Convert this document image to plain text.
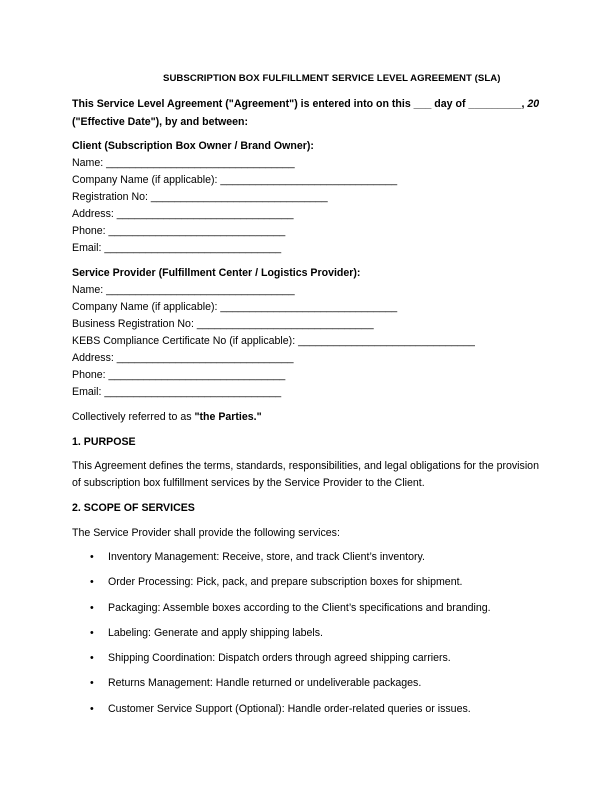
SUBSCRIPTION BOX FULFILLMENT SERVICE LEVEL AGREEMENT (SLA)
This Service Level Agreement ("Agreement") is entered into on this ___ day of _________, 20
("Effective Date"), by and between:
Client (Subscription Box Owner / Brand Owner):
Name: ________________________________
Company Name (if applicable): ______________________________
Registration No: ______________________________
Address: ______________________________
Phone: ______________________________
Email: ______________________________
Service Provider (Fulfillment Center / Logistics Provider):
Name: ________________________________
Company Name (if applicable): ______________________________
Business Registration No: ______________________________
KEBS Compliance Certificate No (if applicable): ______________________________
Address: ______________________________
Phone: ______________________________
Email: ______________________________
Collectively referred to as "the Parties."
1. PURPOSE
This Agreement defines the terms, standards, responsibilities, and legal obligations for the provision of subscription box fulfillment services by the Service Provider to the Client.
2. SCOPE OF SERVICES
The Service Provider shall provide the following services:
• Inventory Management: Receive, store, and track Client’s inventory.
• Order Processing: Pick, pack, and prepare subscription boxes for shipment.
• Packaging: Assemble boxes according to the Client’s specifications and branding.
• Labeling: Generate and apply shipping labels.
• Shipping Coordination: Dispatch orders through agreed shipping carriers.
• Returns Management: Handle returned or undeliverable packages.
• Customer Service Support (Optional): Handle order-related queries or issues.
